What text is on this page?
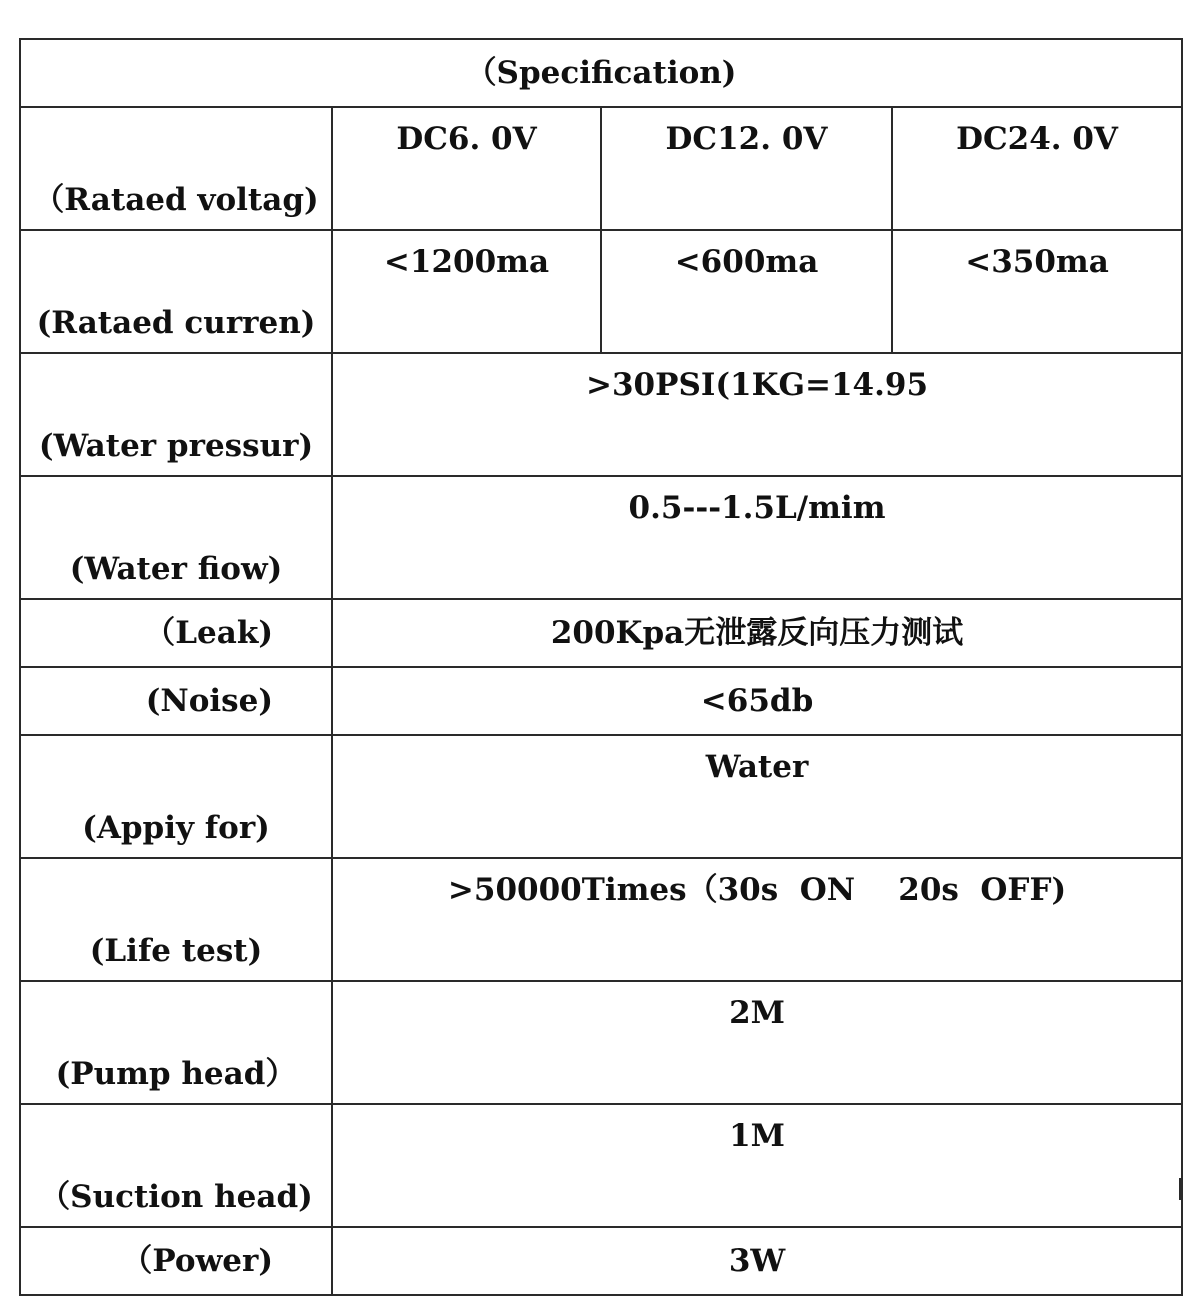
（Specification)			
（Rataed voltag)	DC6. 0V	DC12. 0V	DC24. 0V
(Rataed curren)	<1200ma	<600ma	<350ma
(Water pressur)	>30PSI(1KG=14.95		
(Water fiow)	0.5---1.5L/mim		
（Leak)	200Kpa无泄露反向压力测试		
(Noise)	<65db		
(Appiy for)	Water		
(Life test)	>50000Times（30s  ON    20s  OFF)		
(Pump head）	2M		
（Suction head)	1M		
（Power)	3W		
